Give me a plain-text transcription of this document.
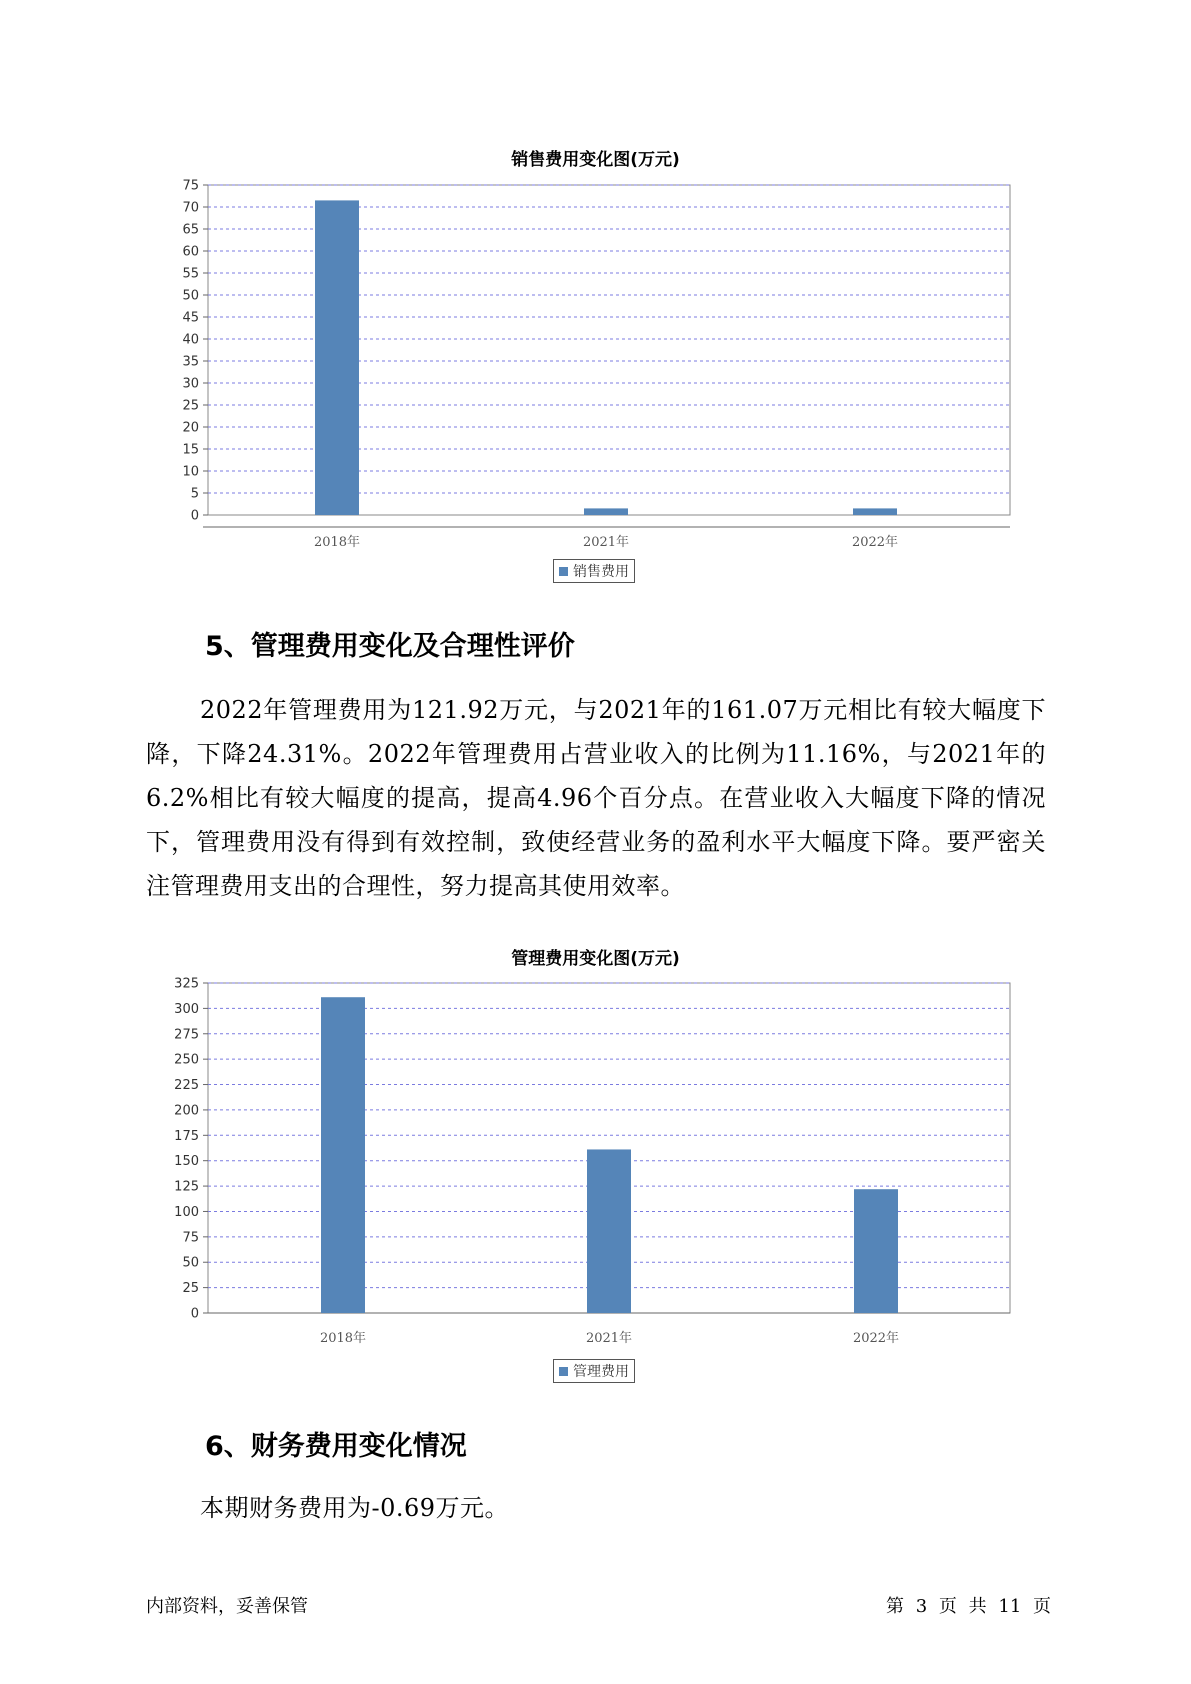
销售费用变化图(万元)
0
5
10
15
20
25
30
35
40
45
50
55
60
65
70
75
2018年	2021年	2022年
销售费用
5、管理费用变化及合理性评价
2022年管理费用为121.92万元，与2021年的161.07万元相比有较大幅度下降，下降24.31%。2022年管理费用占营业收入的比例为11.16%，与2021年的6.2%相比有较大幅度的提高，提高4.96个百分点。在营业收入大幅度下降的情况下，管理费用没有得到有效控制，致使经营业务的盈利水平大幅度下降。要严密关注管理费用支出的合理性，努力提高其使用效率。
管理费用变化图(万元)
0
25
50
75
100
125
150
175
200
225
250
275
300
325
2018年	2021年	2022年
管理费用
6、财务费用变化情况
本期财务费用为-0.69万元。
内部资料，妥善保管	第 3 页 共 11 页
